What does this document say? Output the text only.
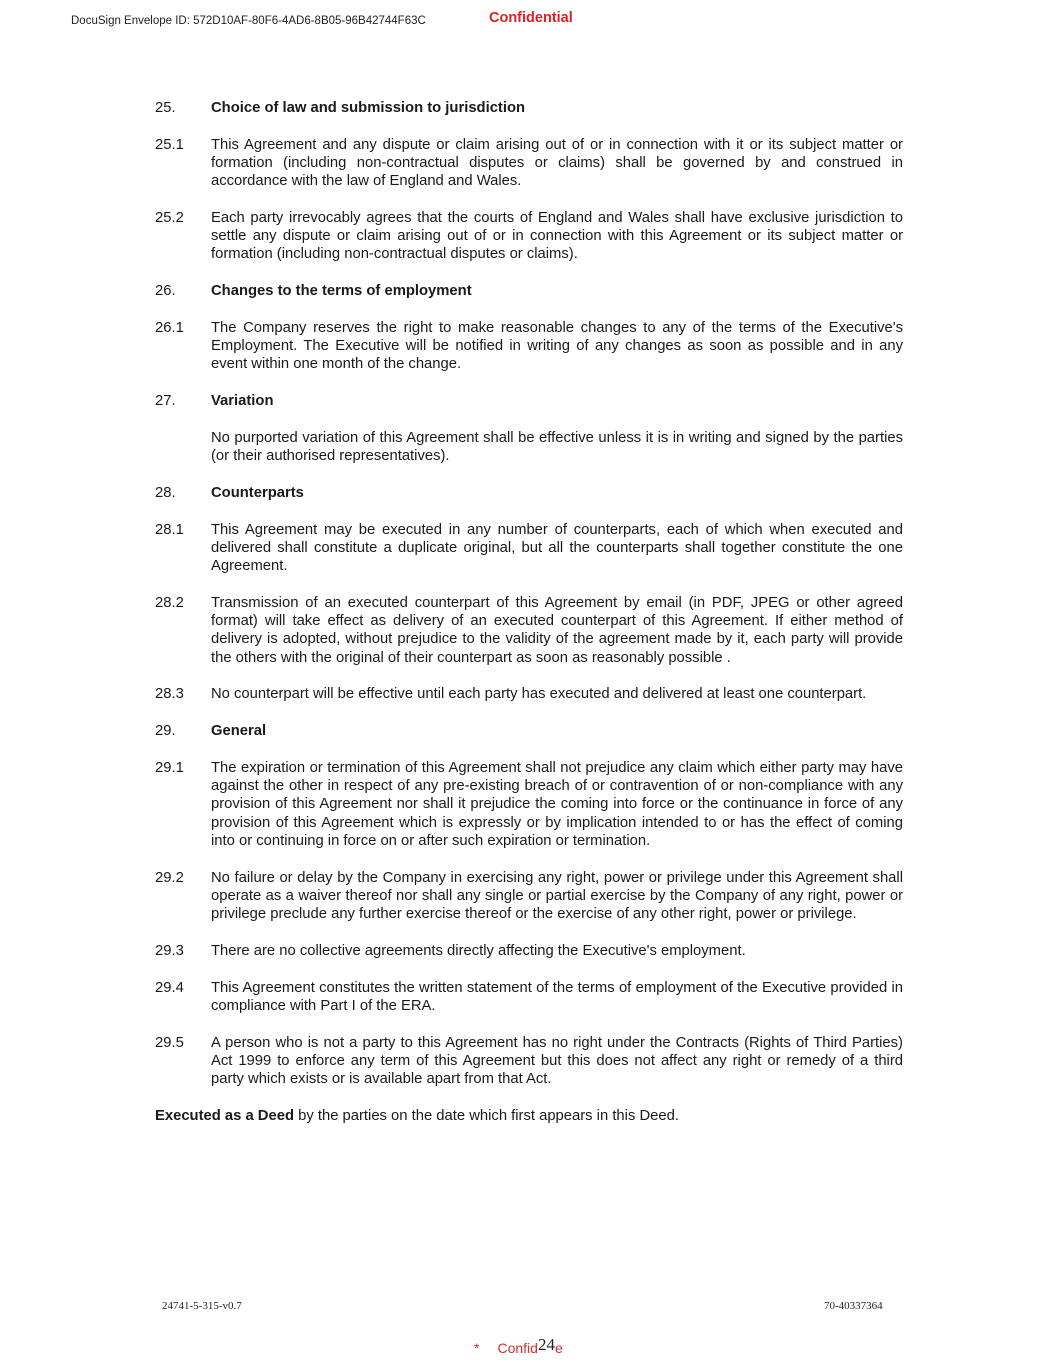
DocuSign Envelope ID: 572D10AF-80F6-4AD6-8B05-96B42744F63C	Confidential
25.	Choice of law and submission to jurisdiction
25.1	This Agreement and any dispute or claim arising out of or in connection with it or its subject matter or formation (including non-contractual disputes or claims) shall be governed by and construed in accordance with the law of England and Wales.
25.2	Each party irrevocably agrees that the courts of England and Wales shall have exclusive jurisdiction to settle any dispute or claim arising out of or in connection with this Agreement or its subject matter or formation (including non-contractual disputes or claims).
26.	Changes to the terms of employment
26.1	The Company reserves the right to make reasonable changes to any of the terms of the Executive's Employment. The Executive will be notified in writing of any changes as soon as possible and in any event within one month of the change.
27.	Variation
No purported variation of this Agreement shall be effective unless it is in writing and signed by the parties (or their authorised representatives).
28.	Counterparts
28.1	This Agreement may be executed in any number of counterparts, each of which when executed and delivered shall constitute a duplicate original, but all the counterparts shall together constitute the one Agreement.
28.2	Transmission of an executed counterpart of this Agreement by email (in PDF, JPEG or other agreed format) will take effect as delivery of an executed counterpart of this Agreement. If either method of delivery is adopted, without prejudice to the validity of the agreement made by it, each party will provide the others with the original of their counterpart as soon as reasonably possible .
28.3	No counterpart will be effective until each party has executed and delivered at least one counterpart.
29.	General
29.1	The expiration or termination of this Agreement shall not prejudice any claim which either party may have against the other in respect of any pre-existing breach of or contravention of or non-compliance with any provision of this Agreement nor shall it prejudice the coming into force or the continuance in force of any provision of this Agreement which is expressly or by implication intended to or has the effect of coming into or continuing in force on or after such expiration or termination.
29.2	No failure or delay by the Company in exercising any right, power or privilege under this Agreement shall operate as a waiver thereof nor shall any single or partial exercise by the Company of any right, power or privilege preclude any further exercise thereof or the exercise of any other right, power or privilege.
29.3	There are no collective agreements directly affecting the Executive's employment.
29.4	This Agreement constitutes the written statement of the terms of employment of the Executive provided in compliance with Part I of the ERA.
29.5	A person who is not a party to this Agreement has no right under the Contracts (Rights of Third Parties) Act 1999 to enforce any term of this Agreement but this does not affect any right or remedy of a third party which exists or is available apart from that Act.
Executed as a Deed by the parties on the date which first appears in this Deed.
24741-5-315-v0.7	70-40337364
* Confid24e
